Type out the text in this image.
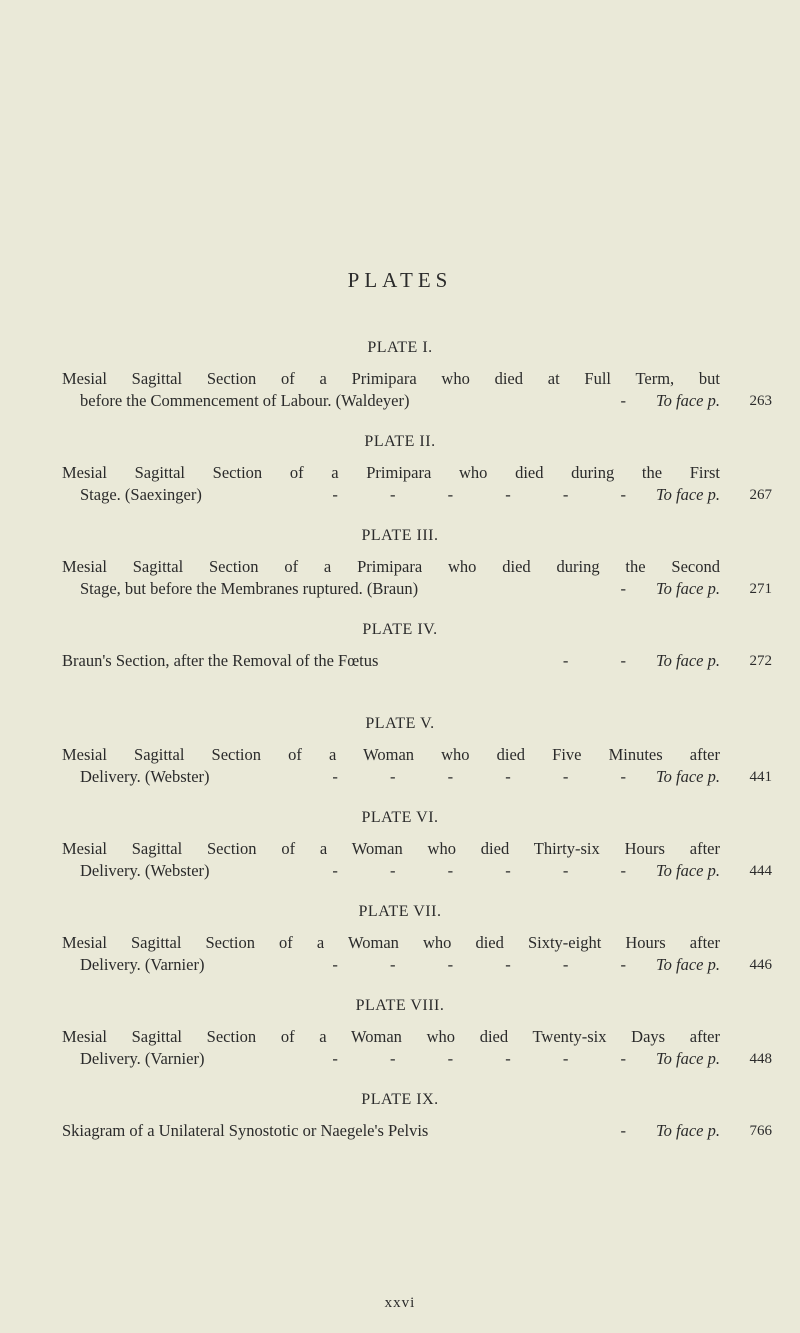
PLATES
PLATE I.
Mesial Sagittal Section of a Primipara who died at Full Term, but
before the Commencement of Labour. (Waldeyer)	- To face p.	263
PLATE II.
Mesial Sagittal Section of a Primipara who died during the First
Stage. (Saexinger)	- - - - - - To face p.	267
PLATE III.
Mesial Sagittal Section of a Primipara who died during the Second
Stage, but before the Membranes ruptured. (Braun)	- To face p.	271
PLATE IV.
Braun's Section, after the Removal of the Fœtus	- - To face p.	272
PLATE V.
Mesial Sagittal Section of a Woman who died Five Minutes after
Delivery. (Webster)	- - - - - - To face p.	441
PLATE VI.
Mesial Sagittal Section of a Woman who died Thirty-six Hours after
Delivery. (Webster)	- - - - - - To face p.	444
PLATE VII.
Mesial Sagittal Section of a Woman who died Sixty-eight Hours after
Delivery. (Varnier)	- - - - - - To face p.	446
PLATE VIII.
Mesial Sagittal Section of a Woman who died Twenty-six Days after
Delivery. (Varnier)	- - - - - - To face p.	448
PLATE IX.
Skiagram of a Unilateral Synostotic or Naegele's Pelvis	- To face p.	766
xxvi
